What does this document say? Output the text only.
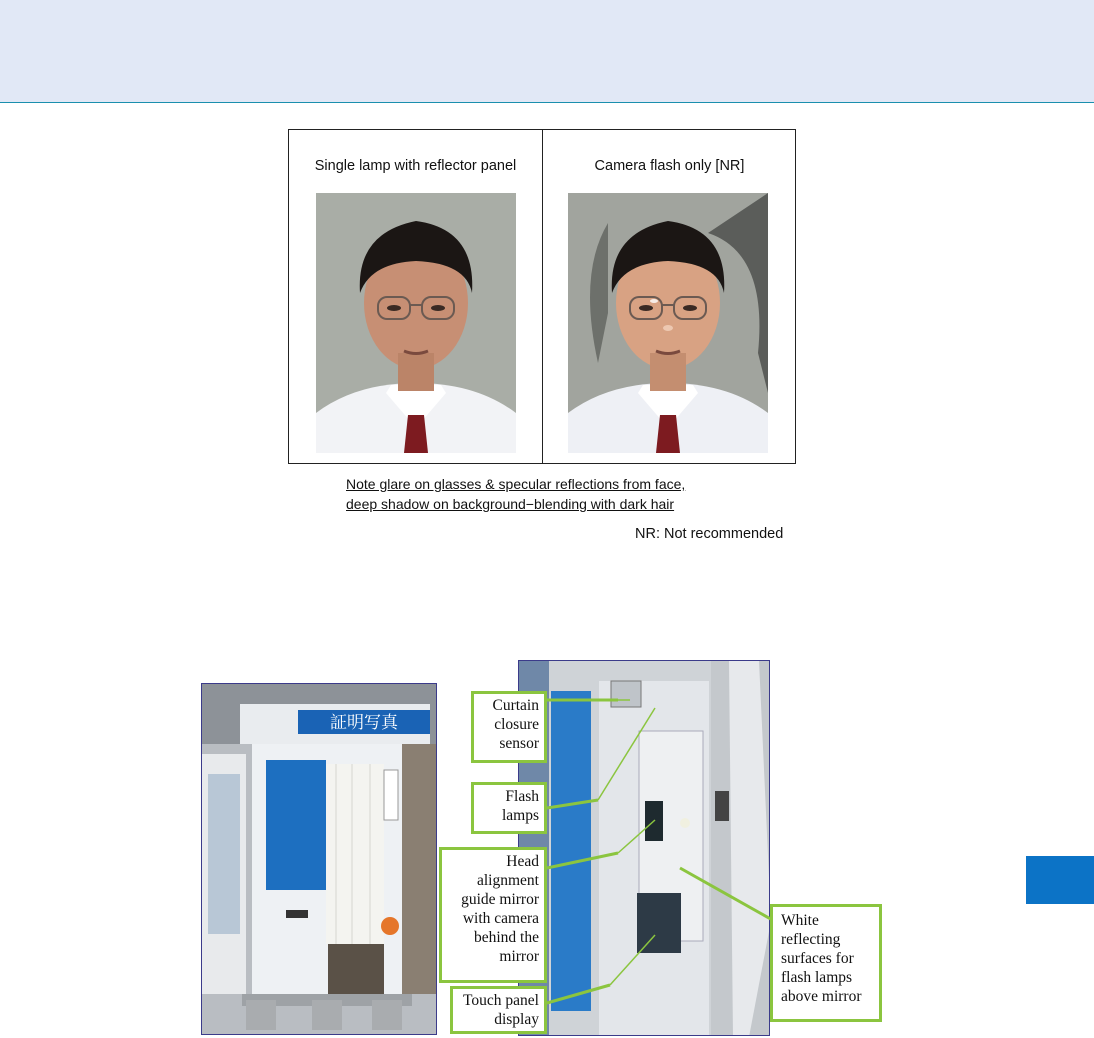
Single lamp with reflector panel	Camera flash only [NR]
Note glare on glasses & specular reflections from face,
deep shadow on background−blending with dark hair
NR: Not recommended
証明写真
Curtain
closure
sensor
Flash
lamps
Head
alignment
guide mirror
with camera
behind the
mirror
Touch panel
display
White
reflecting
surfaces for
flash lamps
above mirror
